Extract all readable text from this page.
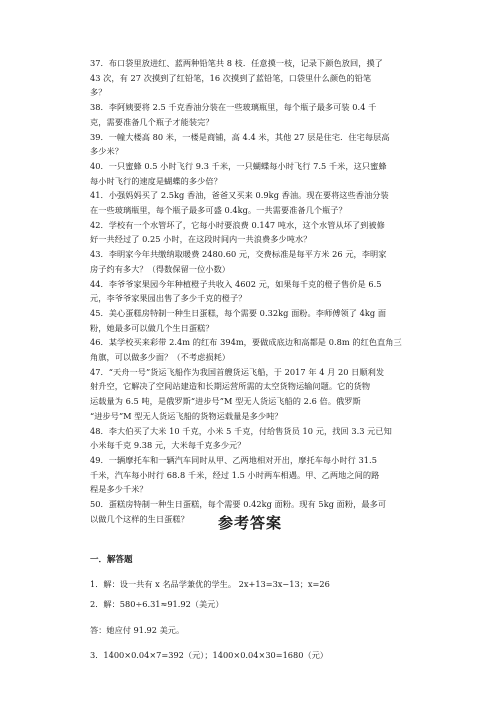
37．布口袋里放进红、蓝两种铅笔共 8 枝．任意摸一枝，记录下颜色放回，摸了
43 次，有 27 次摸到了红铅笔，16 次摸到了蓝铅笔，口袋里什么颜色的铅笔
多？
38．李阿姨要将 2.5 千克香油分装在一些玻璃瓶里，每个瓶子最多可装 0.4 千
克，需要准备几个瓶子才能装完？
39．一幢大楼高 80 米，一楼是商铺，高 4.4 米，其他 27 层是住宅．住宅每层高
多少米？
40．一只蜜蜂 0.5 小时飞行 9.3 千米，一只蝴蝶每小时飞行 7.5 千米，这只蜜蜂
每小时飞行的速度是蝴蝶的多少倍？
41．小强妈妈买了 2.5kg 香油，爸爸又买来 0.9kg 香油。现在要将这些香油分装
在一些玻璃瓶里，每个瓶子最多可盛 0.4kg。一共需要准备几个瓶子？
42．学校有一个水管坏了，它每小时要浪费 0.147 吨水，这个水管从坏了到被修
好一共经过了 0.25 小时，在这段时间内一共浪费多少吨水？
43．李明家今年共缴纳取暖费 2480.60 元，交费标准是每平方米 26 元，李明家
房子约有多大？（得数保留一位小数）
44．李爷爷家果园今年种植橙子共收入 4602 元，如果每千克的橙子售价是 6.5
元，李爷爷家果园出售了多少千克的橙子？
45．美心蛋糕房特制一种生日蛋糕，每个需要 0.32kg 面粉。李师傅领了 4kg 面
粉，她最多可以做几个生日蛋糕？
46．某学校买来彩带 2.4m 的红布 394m，要做成底边和高都是 0.8m 的红色直角三
角旗，可以做多少面？（不考虑损耗）
47．“天舟一号”货运飞船作为我国首艘货运飞船，于 2017 年 4 月 20 日顺利发
射升空，它解决了空间站建造和长期运营所需的太空货物运输问题。它的货物
运载量为 6.5 吨，是俄罗斯“进步号”M 型无人货运飞船的 2.6 倍。俄罗斯
“进步号”M 型无人货运飞船的货物运载量是多少吨？
48．李大伯买了大米 10 千克，小米 5 千克，付给售货员 10 元，找回 3.3 元已知
小米每千克 9.38 元，大米每千克多少元？
49．一辆摩托车和一辆汽车同时从甲、乙两地相对开出，摩托车每小时行 31.5
千米，汽车每小时行 68.8 千米，经过 1.5 小时两车相遇。甲、乙两地之间的路
程是多少千米？
50．蛋糕房特制一种生日蛋糕，每个需要 0.42kg 面粉。现有 5kg 面粉，最多可
以做几个这样的生日蛋糕？	参考答案
一．解答题
1．解：设一共有 x 名品学兼优的学生。 2x+13=3x−13；x=26
2．解：580÷6.31≈91.92（美元）
答：她应付 91.92 美元。
3．1400×0.04×7=392（元）；1400×0.04×30=1680（元）
